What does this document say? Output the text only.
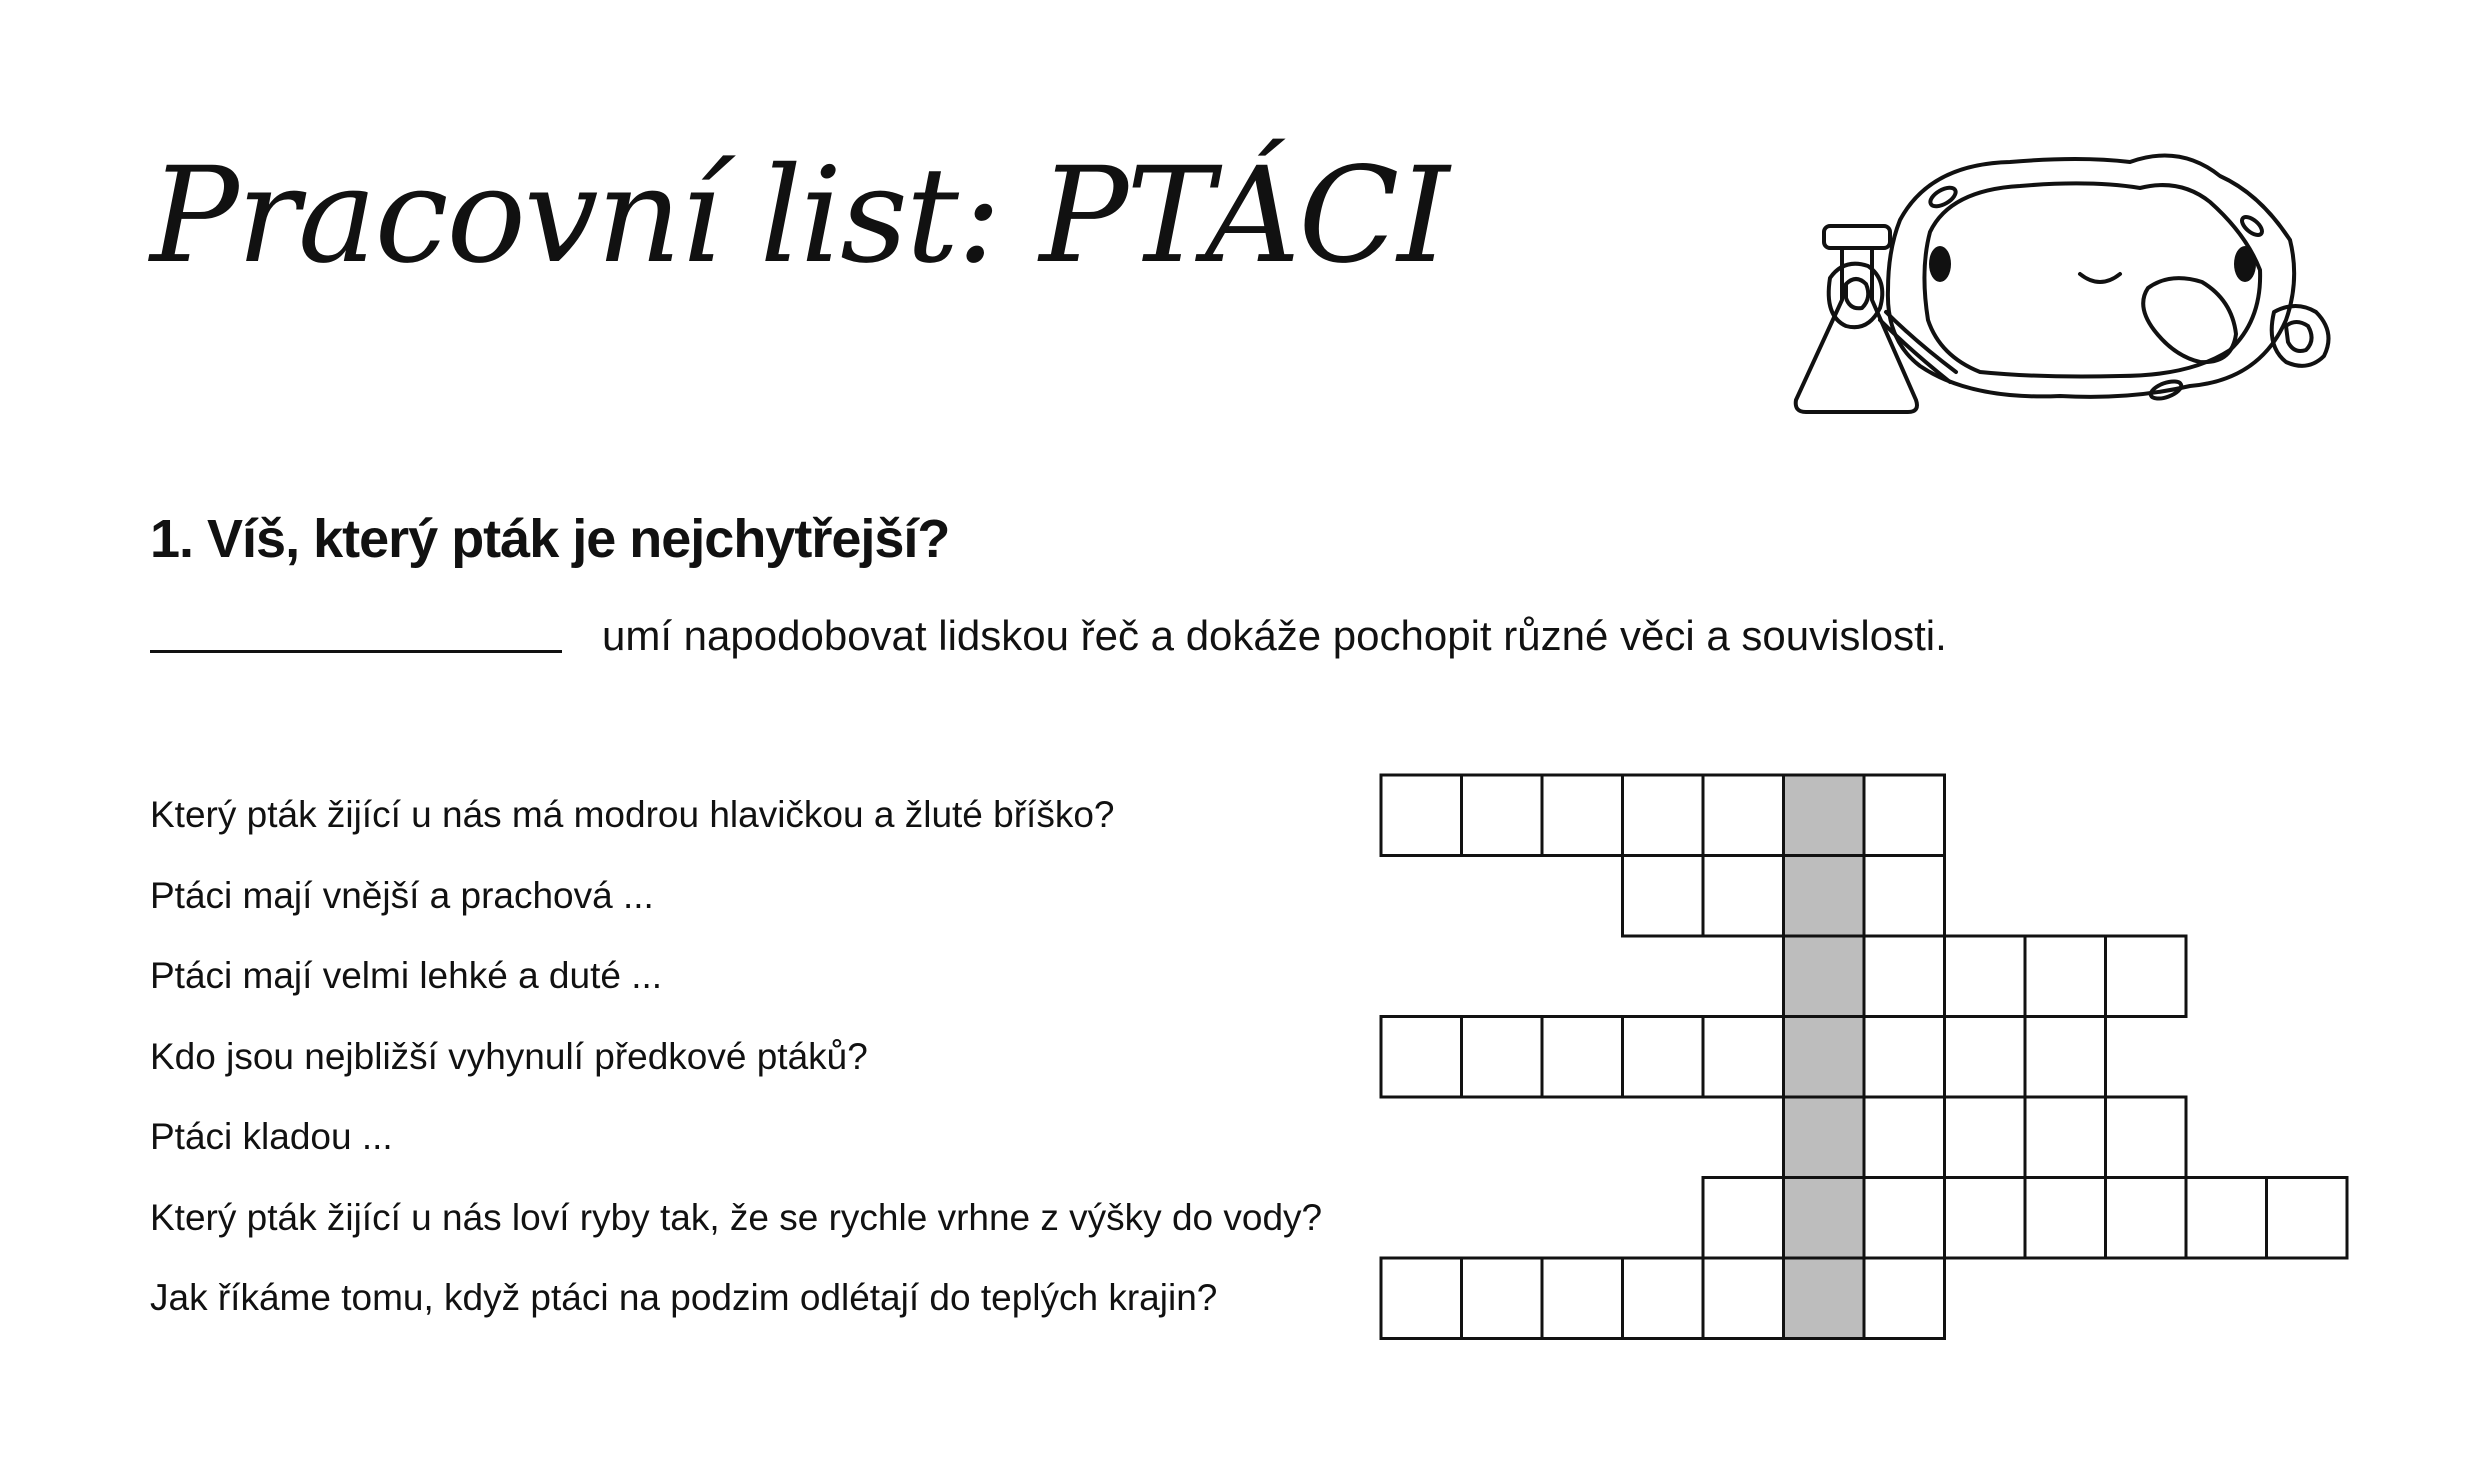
Pracovní list: PTÁCI
1. Víš, který pták je nejchytřejší?
umí napodobovat lidskou řeč a dokáže pochopit různé věci a souvislosti.
Který pták žijící u nás má modrou hlavičkou a žluté bříško?
Ptáci mají vnější a prachová ...
Ptáci mají velmi lehké a duté ...
Kdo jsou nejbližší vyhynulí předkové ptáků?
Ptáci kladou ...
Který pták žijící u nás loví ryby tak, že se rychle vrhne z výšky do vody?
Jak říkáme tomu, když ptáci na podzim odlétají do teplých krajin?
